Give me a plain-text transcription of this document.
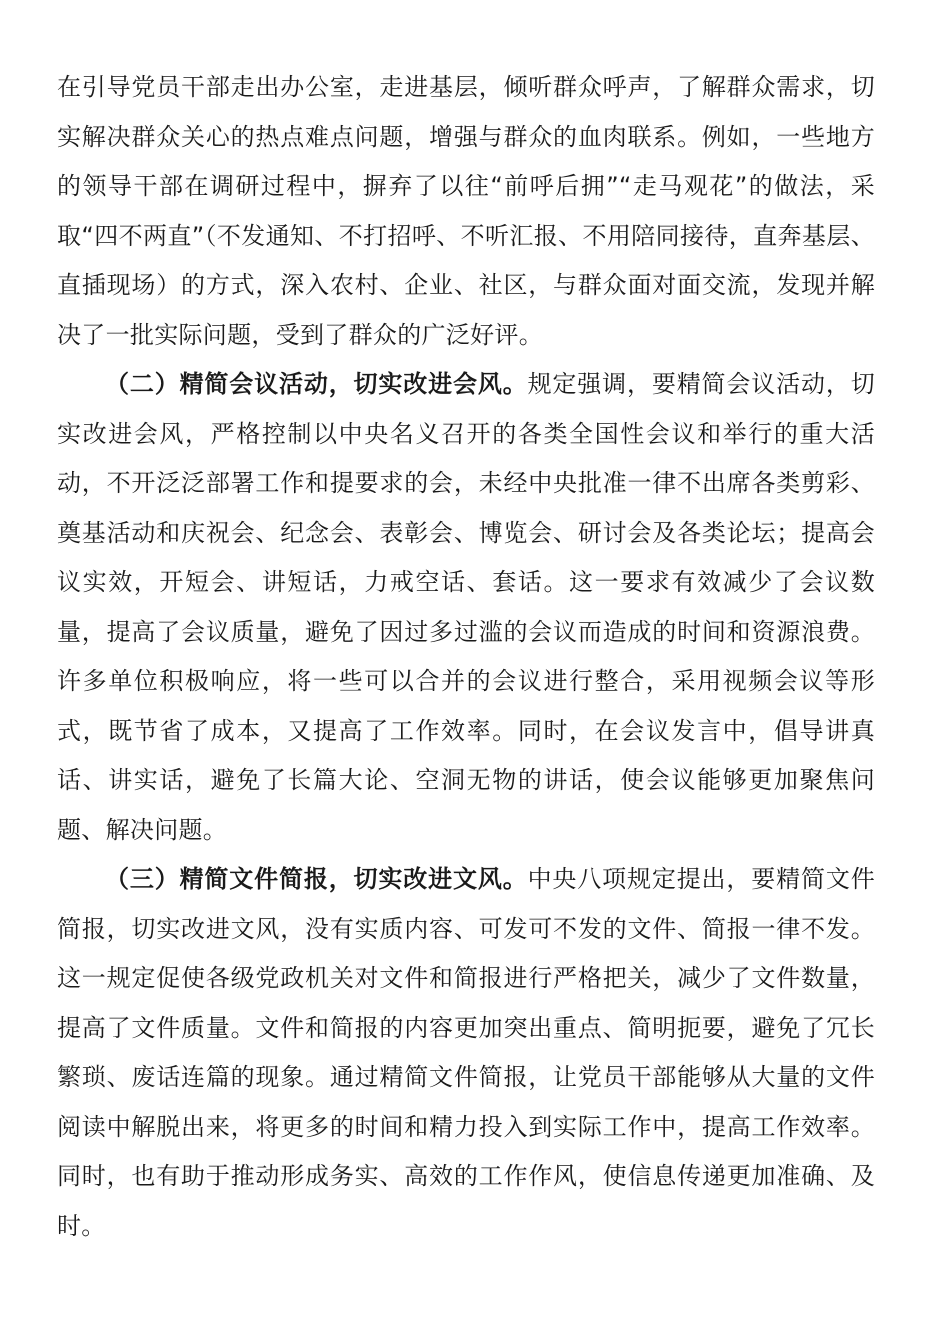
在引导党员干部走出办公室，走进基层，倾听群众呼声，了解群众需求，切实解决群众关心的热点难点问题，增强与群众的血肉联系。例如，一些地方的领导干部在调研过程中，摒弃了以往“前呼后拥”“走马观花”的做法，采取“四不两直”（不发通知、不打招呼、不听汇报、不用陪同接待，直奔基层、直插现场）的方式，深入农村、企业、社区，与群众面对面交流，发现并解决了一批实际问题，受到了群众的广泛好评。

（二）精简会议活动，切实改进会风。规定强调，要精简会议活动，切实改进会风，严格控制以中央名义召开的各类全国性会议和举行的重大活动，不开泛泛部署工作和提要求的会，未经中央批准一律不出席各类剪彩、奠基活动和庆祝会、纪念会、表彰会、博览会、研讨会及各类论坛；提高会议实效，开短会、讲短话，力戒空话、套话。这一要求有效减少了会议数量，提高了会议质量，避免了因过多过滥的会议而造成的时间和资源浪费。许多单位积极响应，将一些可以合并的会议进行整合，采用视频会议等形式，既节省了成本，又提高了工作效率。同时，在会议发言中，倡导讲真话、讲实话，避免了长篇大论、空洞无物的讲话，使会议能够更加聚焦问题、解决问题。

（三）精简文件简报，切实改进文风。中央八项规定提出，要精简文件简报，切实改进文风，没有实质内容、可发可不发的文件、简报一律不发。这一规定促使各级党政机关对文件和简报进行严格把关，减少了文件数量，提高了文件质量。文件和简报的内容更加突出重点、简明扼要，避免了冗长繁琐、废话连篇的现象。通过精简文件简报，让党员干部能够从大量的文件阅读中解脱出来，将更多的时间和精力投入到实际工作中，提高工作效率。同时，也有助于推动形成务实、高效的工作作风，使信息传递更加准确、及时。
